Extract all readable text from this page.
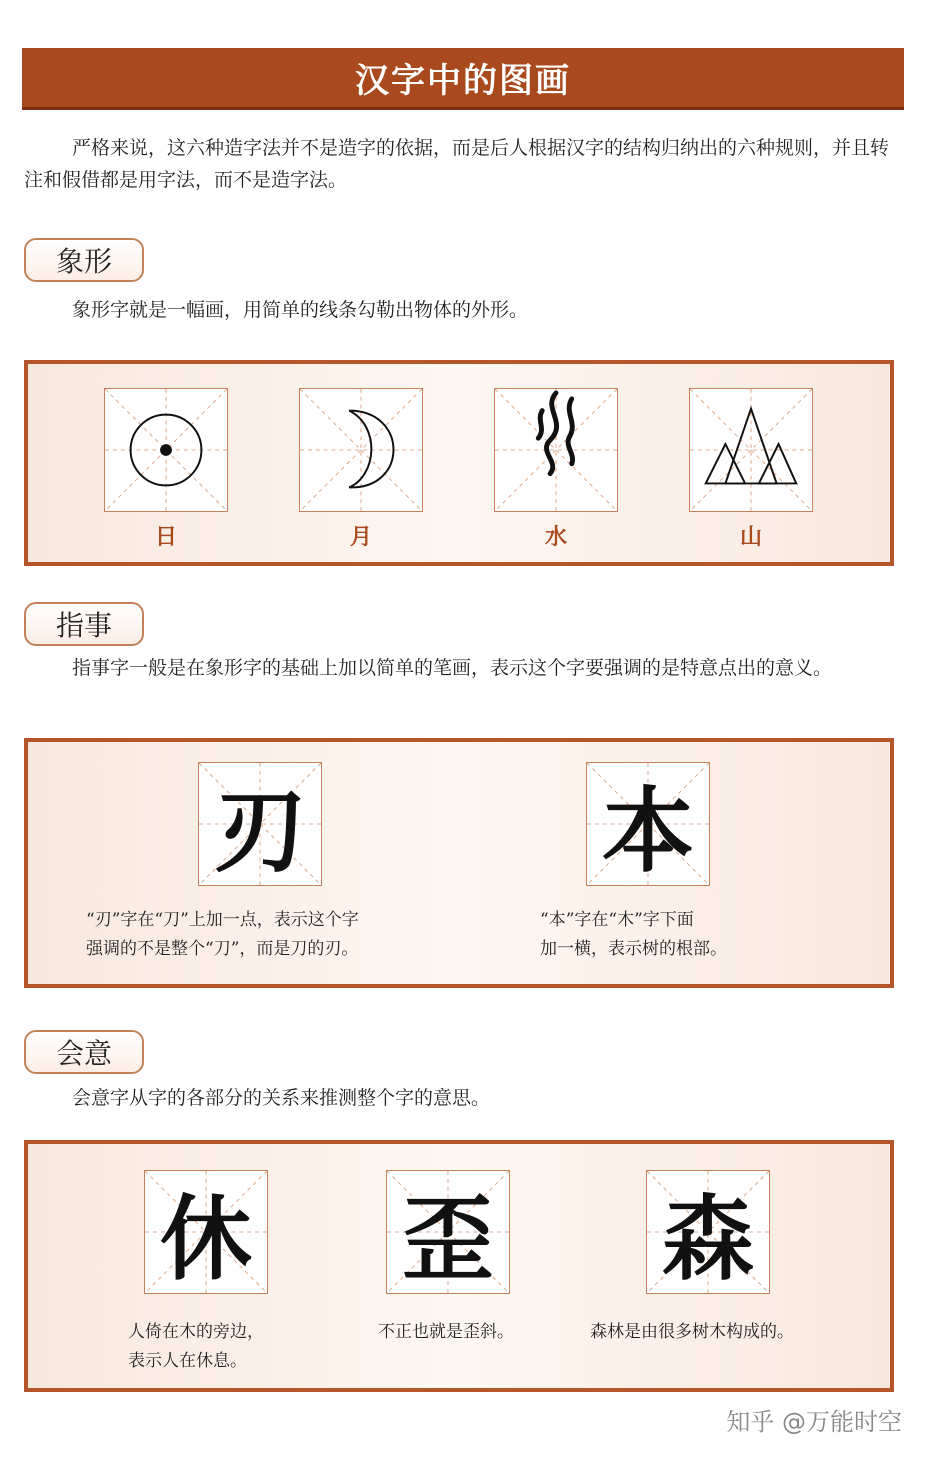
汉字中的图画
严格来说，这六种造字法并不是造字的依据，而是后人根据汉字的结构归纳出的六种规则，并且转注和假借都是用字法，而不是造字法。
象形
象形字就是一幅画，用简单的线条勾勒出物体的外形。
日	月	水	山
指事
指事字一般是在象形字的基础上加以简单的笔画，表示这个字要强调的是特意点出的意义。
刃
“刃”字在“刀”上加一点，表示这个字
强调的不是整个“刀”，而是刀的刃。
本
“本”字在“木”字下面
加一横，表示树的根部。
会意
会意字从字的各部分的关系来推测整个字的意思。
休
人倚在木的旁边，
表示人在休息。
歪
不正也就是歪斜。
森
森林是由很多树木构成的。
知乎 @万能时空
